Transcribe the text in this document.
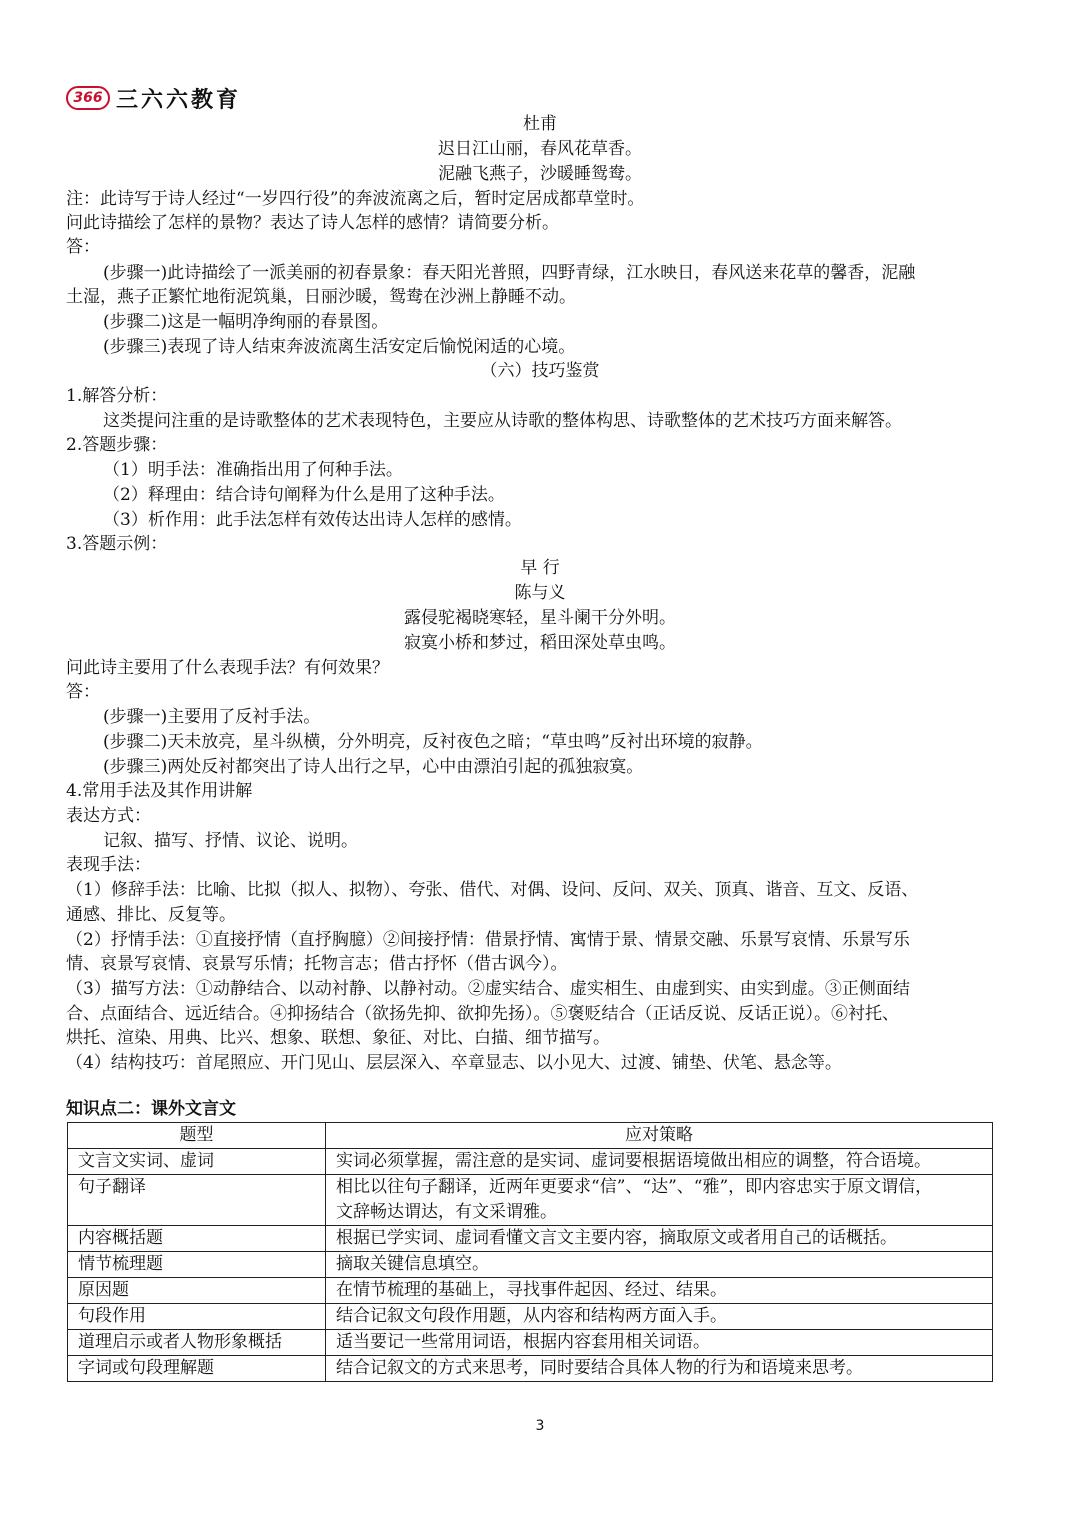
366 三六六教育
杜甫
迟日江山丽，春风花草香。
泥融飞燕子，沙暖睡鸳鸯。
注：此诗写于诗人经过“一岁四行役”的奔波流离之后，暂时定居成都草堂时。
问此诗描绘了怎样的景物？表达了诗人怎样的感情？请简要分析。
答：
(步骤一)此诗描绘了一派美丽的初春景象：春天阳光普照，四野青绿，江水映日，春风送来花草的馨香，泥融
土湿，燕子正繁忙地衔泥筑巢，日丽沙暖，鸳鸯在沙洲上静睡不动。
(步骤二)这是一幅明净绚丽的春景图。
(步骤三)表现了诗人结束奔波流离生活安定后愉悦闲适的心境。
（六）技巧鉴赏
1.解答分析：
这类提问注重的是诗歌整体的艺术表现特色，主要应从诗歌的整体构思、诗歌整体的艺术技巧方面来解答。
2.答题步骤：
（1）明手法：准确指出用了何种手法。
（2）释理由：结合诗句阐释为什么是用了这种手法。
（3）析作用：此手法怎样有效传达出诗人怎样的感情。
3.答题示例：
早 行
陈与义
露侵驼褐晓寒轻，星斗阑干分外明。
寂寞小桥和梦过，稻田深处草虫鸣。
问此诗主要用了什么表现手法？有何效果？
答：
(步骤一)主要用了反衬手法。
(步骤二)天未放亮，星斗纵横，分外明亮，反衬夜色之暗；“草虫鸣”反衬出环境的寂静。
(步骤三)两处反衬都突出了诗人出行之早，心中由漂泊引起的孤独寂寞。
4.常用手法及其作用讲解
表达方式：
记叙、描写、抒情、议论、说明。
表现手法：
（1）修辞手法：比喻、比拟（拟人、拟物）、夸张、借代、对偶、设问、反问、双关、顶真、谐音、互文、反语、
通感、排比、反复等。
（2）抒情手法：①直接抒情（直抒胸臆）②间接抒情：借景抒情、寓情于景、情景交融、乐景写哀情、乐景写乐
情、哀景写哀情、哀景写乐情；托物言志；借古抒怀（借古讽今）。
（3）描写方法：①动静结合、以动衬静、以静衬动。②虚实结合、虚实相生、由虚到实、由实到虚。③正侧面结
合、点面结合、远近结合。④抑扬结合（欲扬先抑、欲抑先扬）。⑤褒贬结合（正话反说、反话正说）。⑥衬托、
烘托、渲染、用典、比兴、想象、联想、象征、对比、白描、细节描写。
（4）结构技巧：首尾照应、开门见山、层层深入、卒章显志、以小见大、过渡、铺垫、伏笔、悬念等。
知识点二：课外文言文
题型	应对策略
文言文实词、虚词	实词必须掌握，需注意的是实词、虚词要根据语境做出相应的调整，符合语境。
句子翻译	相比以往句子翻译，近两年更要求“信”、“达”、“雅”，即内容忠实于原文谓信，
文辞畅达谓达，有文采谓雅。

内容概括题	根据已学实词、虚词看懂文言文主要内容，摘取原文或者用自己的话概括。
情节梳理题	摘取关键信息填空。
原因题	在情节梳理的基础上，寻找事件起因、经过、结果。
句段作用	结合记叙文句段作用题，从内容和结构两方面入手。
道理启示或者人物形象概括	适当要记一些常用词语，根据内容套用相关词语。
字词或句段理解题	结合记叙文的方式来思考，同时要结合具体人物的行为和语境来思考。
3
